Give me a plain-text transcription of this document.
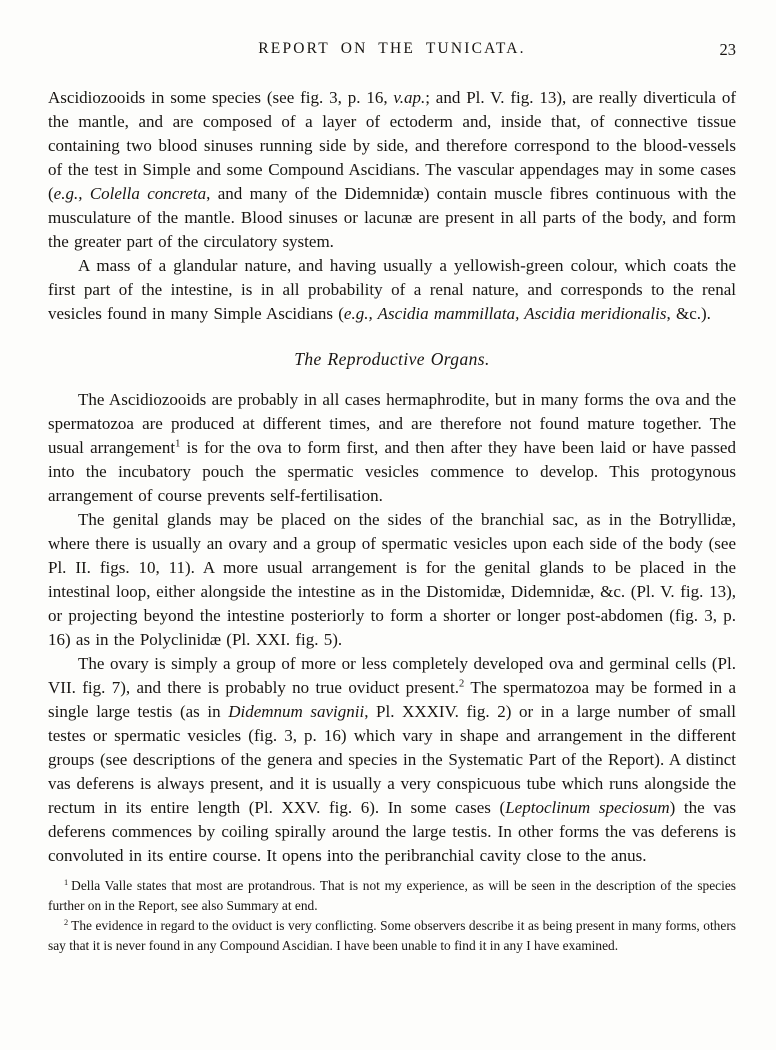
REPORT ON THE TUNICATA.	23

Ascidiozooids in some species (see fig. 3, p. 16, v.ap.; and Pl. V. fig. 13), are really diverticula of the mantle, and are composed of a layer of ectoderm and, inside that, of connective tissue containing two blood sinuses running side by side, and therefore correspond to the blood-vessels of the test in Simple and some Compound Ascidians. The vascular appendages may in some cases (e.g., Colella concreta, and many of the Didemnidæ) contain muscle fibres continuous with the musculature of the mantle. Blood sinuses or lacunæ are present in all parts of the body, and form the greater part of the circulatory system.

A mass of a glandular nature, and having usually a yellowish-green colour, which coats the first part of the intestine, is in all probability of a renal nature, and corresponds to the renal vesicles found in many Simple Ascidians (e.g., Ascidia mammillata, Ascidia meridionalis, &c.).

The Reproductive Organs.

The Ascidiozooids are probably in all cases hermaphrodite, but in many forms the ova and the spermatozoa are produced at different times, and are therefore not found mature together. The usual arrangement$^1$ is for the ova to form first, and then after they have been laid or have passed into the incubatory pouch the spermatic vesicles commence to develop. This protogynous arrangement of course prevents self-fertilisation.

The genital glands may be placed on the sides of the branchial sac, as in the Botryllidæ, where there is usually an ovary and a group of spermatic vesicles upon each side of the body (see Pl. II. figs. 10, 11). A more usual arrangement is for the genital glands to be placed in the intestinal loop, either alongside the intestine as in the Distomidæ, Didemnidæ, &c. (Pl. V. fig. 13), or projecting beyond the intestine posteriorly to form a shorter or longer post-abdomen (fig. 3, p. 16) as in the Polyclinidæ (Pl. XXI. fig. 5).

The ovary is simply a group of more or less completely developed ova and germinal cells (Pl. VII. fig. 7), and there is probably no true oviduct present.$^2$ The spermatozoa may be formed in a single large testis (as in Didemnum savignii, Pl. XXXIV. fig. 2) or in a large number of small testes or spermatic vesicles (fig. 3, p. 16) which vary in shape and arrangement in the different groups (see descriptions of the genera and species in the Systematic Part of the Report). A distinct vas deferens is always present, and it is usually a very conspicuous tube which runs alongside the rectum in its entire length (Pl. XXV. fig. 6). In some cases (Leptoclinum speciosum) the vas deferens commences by coiling spirally around the large testis. In other forms the vas deferens is convoluted in its entire course. It opens into the peribranchial cavity close to the anus.

$^1$ Della Valle states that most are protandrous. That is not my experience, as will be seen in the description of the species further on in the Report, see also Summary at end.

$^2$ The evidence in regard to the oviduct is very conflicting. Some observers describe it as being present in many forms, others say that it is never found in any Compound Ascidian. I have been unable to find it in any I have examined.
